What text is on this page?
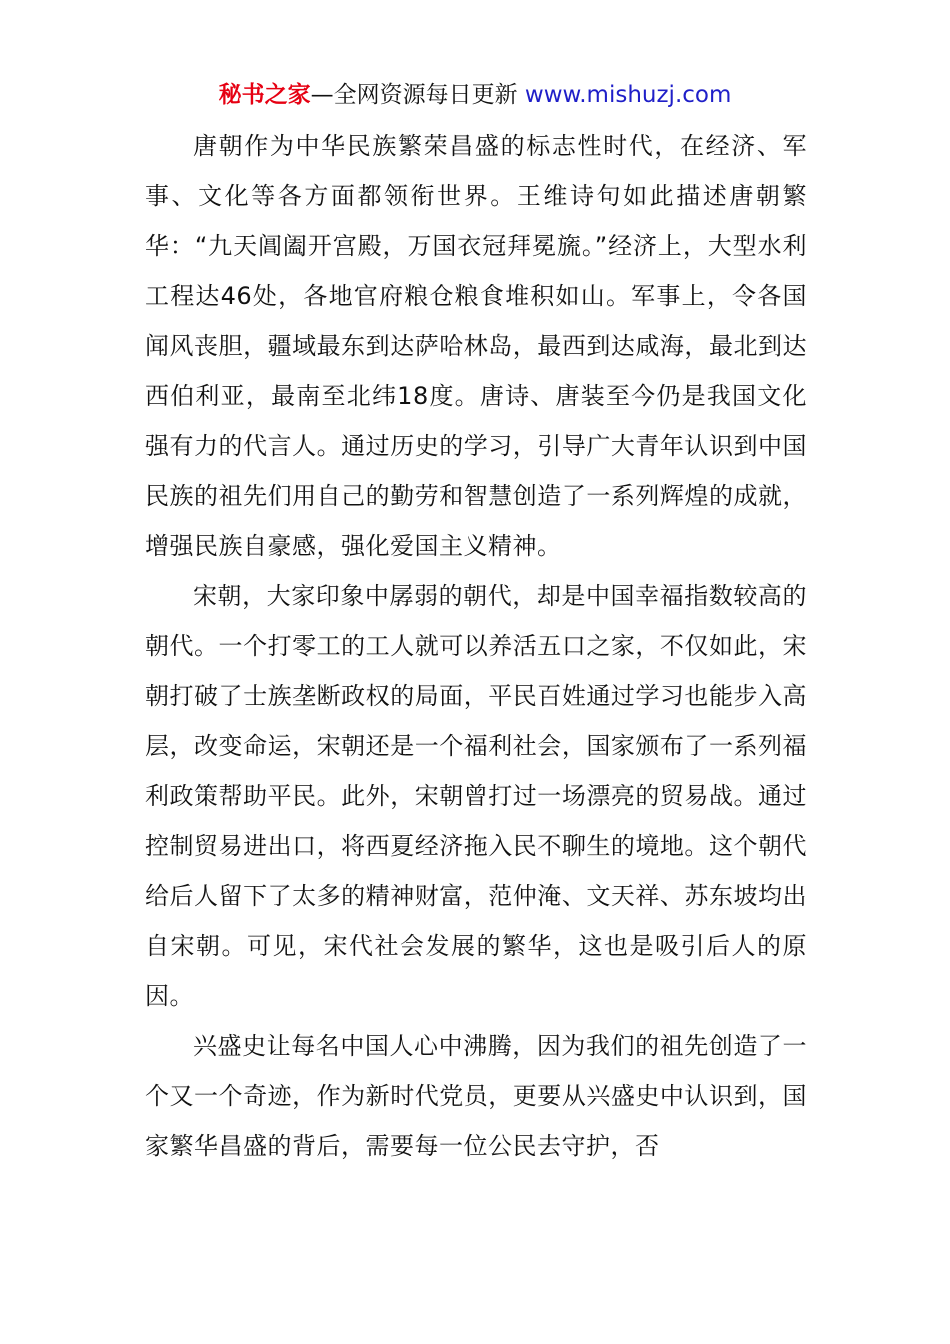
秘书之家—全网资源每日更新 www.mishuzj.com

唐朝作为中华民族繁荣昌盛的标志性时代，在经济、军事、文化等各方面都领衔世界。王维诗句如此描述唐朝繁华：“九天阊阖开宫殿，万国衣冠拜冕旒。”经济上，大型水利工程达46处，各地官府粮仓粮食堆积如山。军事上，令各国闻风丧胆，疆域最东到达萨哈林岛，最西到达咸海，最北到达西伯利亚，最南至北纬18度。唐诗、唐装至今仍是我国文化强有力的代言人。通过历史的学习，引导广大青年认识到中国民族的祖先们用自己的勤劳和智慧创造了一系列辉煌的成就，增强民族自豪感，强化爱国主义精神。

宋朝，大家印象中孱弱的朝代，却是中国幸福指数较高的朝代。一个打零工的工人就可以养活五口之家，不仅如此，宋朝打破了士族垄断政权的局面，平民百姓通过学习也能步入高层，改变命运，宋朝还是一个福利社会，国家颁布了一系列福利政策帮助平民。此外，宋朝曾打过一场漂亮的贸易战。通过控制贸易进出口，将西夏经济拖入民不聊生的境地。这个朝代给后人留下了太多的精神财富，范仲淹、文天祥、苏东坡均出自宋朝。可见，宋代社会发展的繁华，这也是吸引后人的原因。

兴盛史让每名中国人心中沸腾，因为我们的祖先创造了一个又一个奇迹，作为新时代党员，更要从兴盛史中认识到，国家繁华昌盛的背后，需要每一位公民去守护，否
